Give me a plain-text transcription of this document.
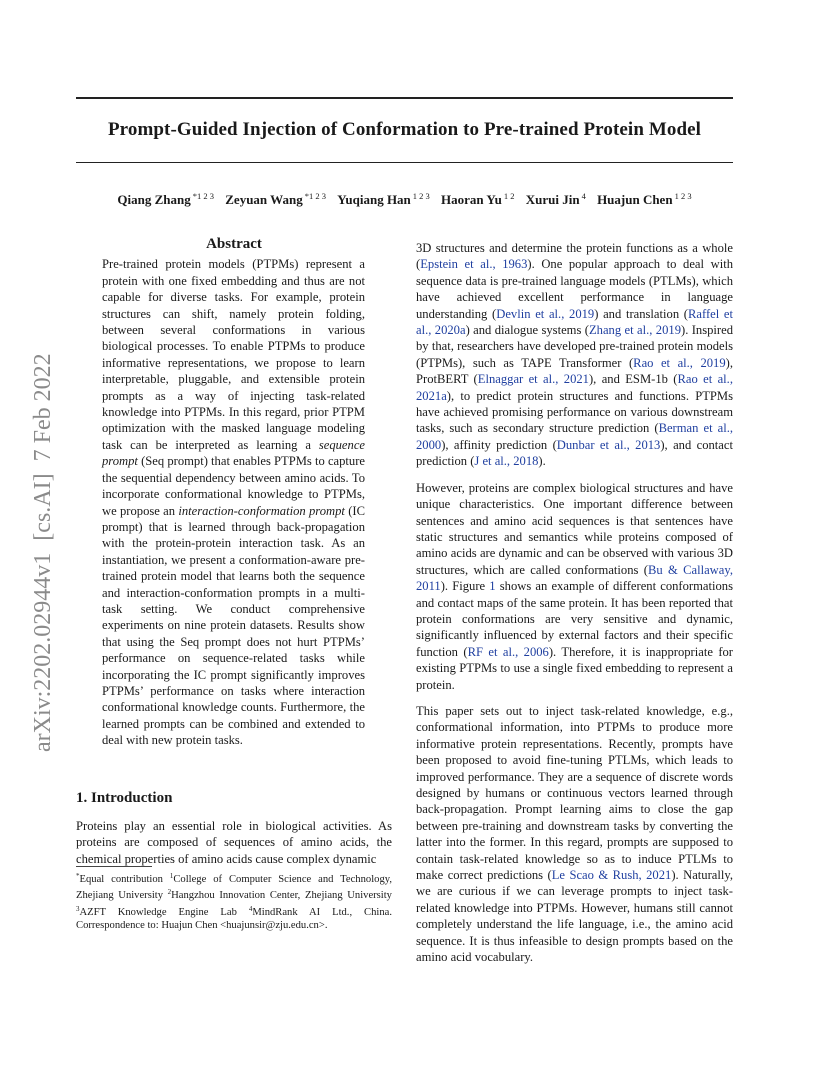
Prompt-Guided Injection of Conformation to Pre-trained Protein Model
Qiang Zhang $^{*1 2 3}$ Zeyuan Wang $^{*1 2 3}$ Yuqiang Han $^{1 2 3}$ Haoran Yu $^{1 2}$ Xurui Jin $^4$ Huajun Chen $^{1 2 3}$
arXiv:2202.02944v1  [cs.AI]  7 Feb 2022
Abstract

Pre-trained protein models (PTPMs) represent a protein with one fixed embedding and thus are not capable for diverse tasks. For example, protein structures can shift, namely protein folding, between several conformations in various biological processes. To enable PTPMs to produce informative representations, we propose to learn interpretable, pluggable, and extensible protein prompts as a way of injecting task-related knowledge into PTPMs. In this regard, prior PTPM optimization with the masked language modeling task can be interpreted as learning a sequence prompt (Seq prompt) that enables PTPMs to capture the sequential dependency between amino acids. To incorporate conformational knowledge to PTPMs, we propose an interaction-conformation prompt (IC prompt) that is learned through back-propagation with the protein-protein interaction task. As an instantiation, we present a conformation-aware pre-trained protein model that learns both the sequence and interaction-conformation prompts in a multi-task setting. We conduct comprehensive experiments on nine protein datasets. Results show that using the Seq prompt does not hurt PTPMs’ performance on sequence-related tasks while incorporating the IC prompt significantly improves PTPMs’ performance on tasks where interaction conformational knowledge counts. Furthermore, the learned prompts can be combined and extended to deal with new protein tasks.

1. Introduction

Proteins play an essential role in biological activities. As proteins are composed of sequences of amino acids, the chemical properties of amino acids cause complex dynamic

*Equal contribution $^1$College of Computer Science and Technology, Zhejiang University $^2$Hangzhou Innovation Center, Zhejiang University $^3$AZFT Knowledge Engine Lab $^4$MindRank AI Ltd., China. Correspondence to: Huajun Chen <huajunsir@zju.edu.cn>.

3D structures and determine the protein functions as a whole (Epstein et al., 1963). One popular approach to deal with sequence data is pre-trained language models (PTLMs), which have achieved excellent performance in language understanding (Devlin et al., 2019) and translation (Raffel et al., 2020a) and dialogue systems (Zhang et al., 2019). Inspired by that, researchers have developed pre-trained protein models (PTPMs), such as TAPE Transformer (Rao et al., 2019), ProtBERT (Elnaggar et al., 2021), and ESM-1b (Rao et al., 2021a), to predict protein structures and functions. PTPMs have achieved promising performance on various downstream tasks, such as secondary structure prediction (Berman et al., 2000), affinity prediction (Dunbar et al., 2013), and contact prediction (J et al., 2018).

However, proteins are complex biological structures and have unique characteristics. One important difference between sentences and amino acid sequences is that sentences have static structures and semantics while proteins composed of amino acids are dynamic and can be observed with various 3D structures, which are called conformations (Bu & Callaway, 2011). Figure 1 shows an example of different conformations and contact maps of the same protein. It has been reported that protein conformations are very sensitive and dynamic, significantly influenced by external factors and their specific function (RF et al., 2006). Therefore, it is inappropriate for existing PTPMs to use a single fixed embedding to represent a protein.

This paper sets out to inject task-related knowledge, e.g., conformational information, into PTPMs to produce more informative protein representations. Recently, prompts have been proposed to avoid fine-tuning PTLMs, which leads to improved performance. They are a sequence of discrete words designed by humans or continuous vectors learned through back-propagation. Prompt learning aims to close the gap between pre-training and downstream tasks by converting the latter into the former. In this regard, prompts are supposed to contain task-related knowledge so as to induce PTLMs to make correct predictions (Le Scao & Rush, 2021). Naturally, we are curious if we can leverage prompts to inject task-related knowledge into PTPMs. However, humans still cannot completely understand the life language, i.e., the amino acid sequence. It is thus infeasible to design prompts based on the amino acid vocabulary.
